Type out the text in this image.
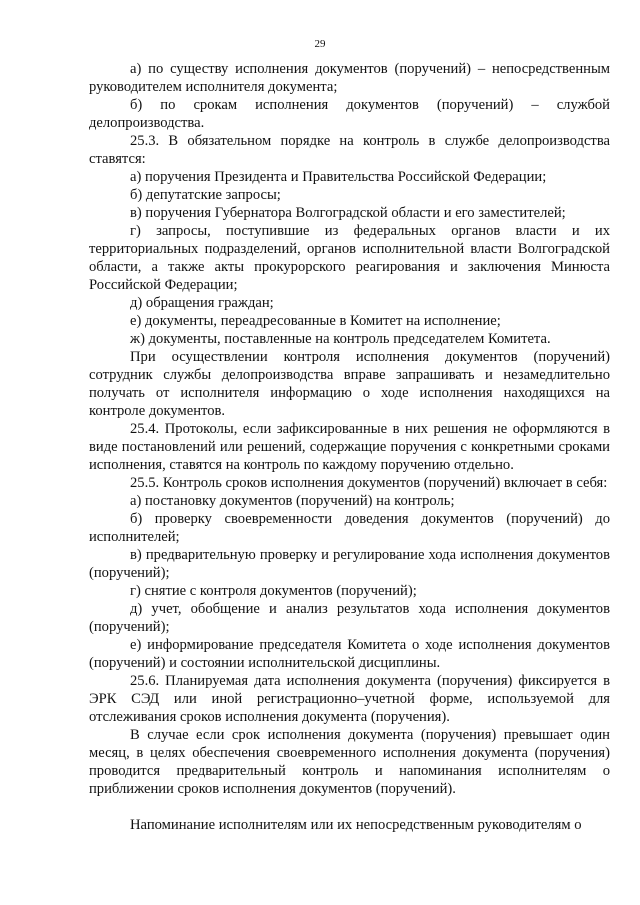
29

а) по существу исполнения документов (поручений) – непосредственным руководителем исполнителя документа;

б) по срокам исполнения документов (поручений) – службой делопроизводства.

25.3. В обязательном порядке на контроль в службе делопроизводства ставятся:

а) поручения Президента и Правительства Российской Федерации;

б) депутатские запросы;

в) поручения Губернатора Волгоградской области и его заместителей;

г) запросы, поступившие из федеральных органов власти и их территориальных подразделений, органов исполнительной власти Волгоградской области, а также акты прокурорского реагирования и заключения Минюста Российской Федерации;

д) обращения граждан;

е) документы, переадресованные в Комитет на исполнение;

ж) документы, поставленные на контроль председателем Комитета.

При осуществлении контроля исполнения документов (поручений) сотрудник службы делопроизводства вправе запрашивать и незамедлительно получать от исполнителя информацию о ходе исполнения находящихся на контроле документов.

25.4. Протоколы, если зафиксированные в них решения не оформляются в виде постановлений или решений, содержащие поручения с конкретными сроками исполнения, ставятся на контроль по каждому поручению отдельно.

25.5. Контроль сроков исполнения документов (поручений) включает в себя:

а) постановку документов (поручений) на контроль;

б) проверку своевременности доведения документов (поручений) до исполнителей;

в) предварительную проверку и регулирование хода исполнения документов (поручений);

г) снятие с контроля документов (поручений);

д) учет, обобщение и анализ результатов хода исполнения документов (поручений);

е) информирование председателя Комитета о ходе исполнения документов (поручений) и состоянии исполнительской дисциплины.

25.6. Планируемая дата исполнения документа (поручения) фиксируется в ЭРК СЭД или иной регистрационно–учетной форме, используемой для отслеживания сроков исполнения документа (поручения).

В случае если срок исполнения документа (поручения) превышает один месяц, в целях обеспечения своевременного исполнения документа (поручения) проводится предварительный контроль и напоминания исполнителям о приближении сроков исполнения документов (поручений).

Напоминание исполнителям или их непосредственным руководителям о
